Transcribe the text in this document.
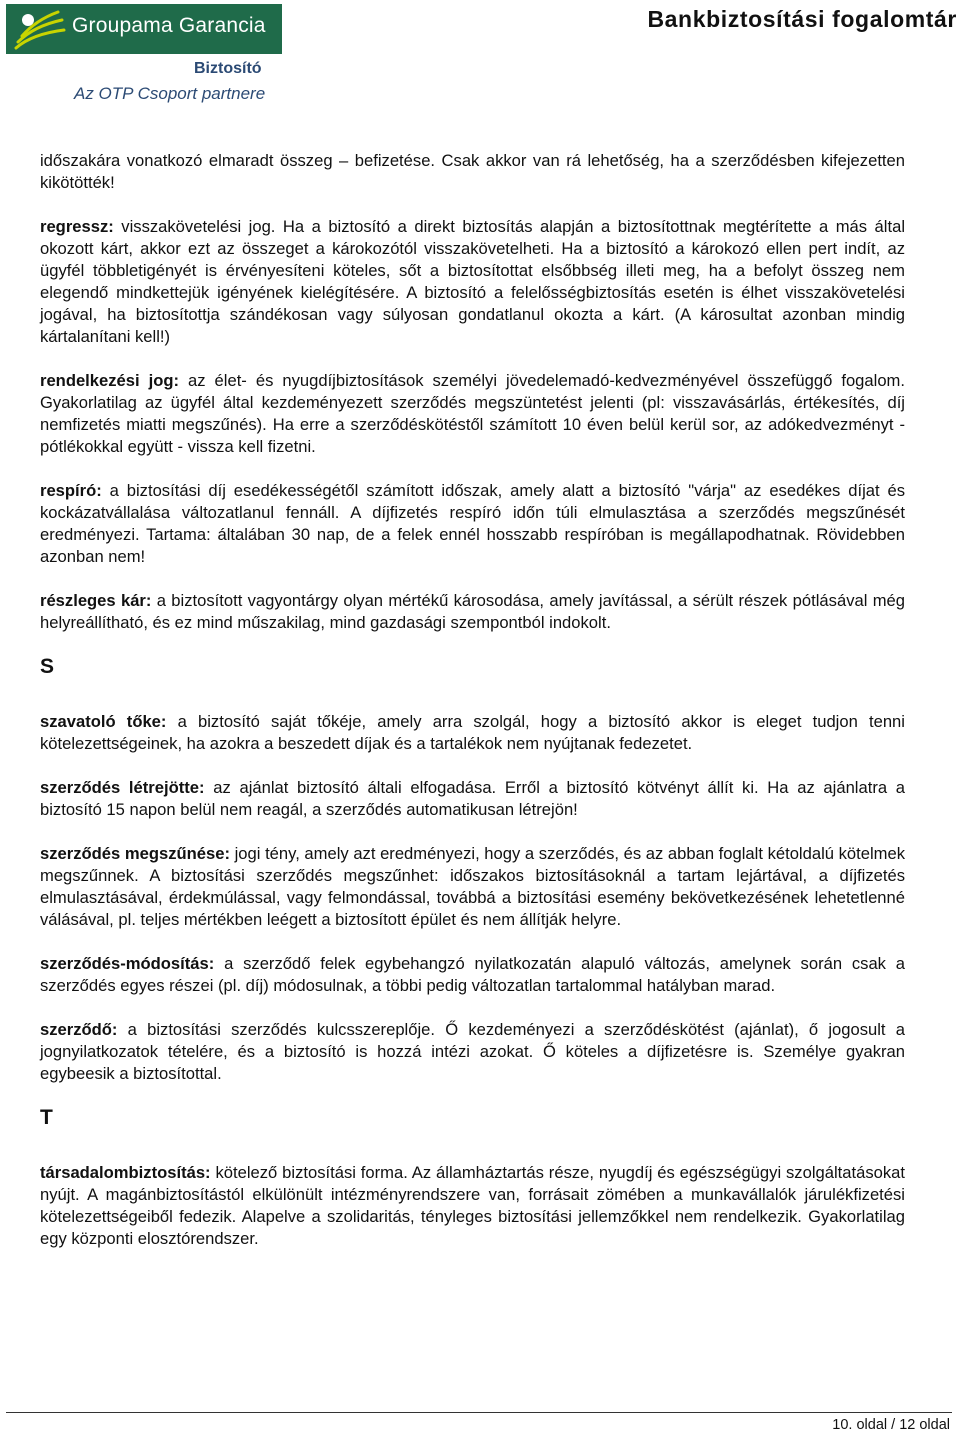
Groupama Garancia
Biztosító
Az OTP Csoport partnere
Bankbiztosítási fogalomtár

időszakára vonatkozó elmaradt összeg – befizetése. Csak akkor van rá lehetőség, ha a szerződésben kifejezetten kikötötték!

regressz: visszakövetelési jog. Ha a biztosító a direkt biztosítás alapján a biztosítottnak megtérítette a más által okozott kárt, akkor ezt az összeget a károkozótól visszakövetelheti. Ha a biztosító a károkozó ellen pert indít, az ügyfél többletigényét is érvényesíteni köteles, sőt a biztosítottat elsőbbség illeti meg, ha a befolyt összeg nem elegendő mindkettejük igényének kielégítésére. A biztosító a felelősségbiztosítás esetén is élhet visszakövetelési jogával, ha biztosítottja szándékosan vagy súlyosan gondatlanul okozta a kárt. (A károsultat azonban mindig kártalanítani kell!)

rendelkezési jog: az élet- és nyugdíjbiztosítások személyi jövedelemadó-kedvezményével összefüggő fogalom. Gyakorlatilag az ügyfél által kezdeményezett szerződés megszüntetést jelenti (pl: visszavásárlás, értékesítés, díj nemfizetés miatti megszűnés). Ha erre a szerződéskötéstől számított 10 éven belül kerül sor, az adókedvezményt - pótlékokkal együtt - vissza kell fizetni.

respíró: a biztosítási díj esedékességétől számított időszak, amely alatt a biztosító "várja" az esedékes díjat és kockázatvállalása változatlanul fennáll. A díjfizetés respíró időn túli elmulasztása a szerződés megszűnését eredményezi. Tartama: általában 30 nap, de a felek ennél hosszabb respíróban is megállapodhatnak. Rövidebben azonban nem!

részleges kár: a biztosított vagyontárgy olyan mértékű károsodása, amely javítással, a sérült részek pótlásával még helyreállítható, és ez mind műszakilag, mind gazdasági szempontból indokolt.

S

szavatoló tőke: a biztosító saját tőkéje, amely arra szolgál, hogy a biztosító akkor is eleget tudjon tenni kötelezettségeinek, ha azokra a beszedett díjak és a tartalékok nem nyújtanak fedezetet.

szerződés létrejötte: az ajánlat biztosító általi elfogadása. Erről a biztosító kötvényt állít ki. Ha az ajánlatra a biztosító 15 napon belül nem reagál, a szerződés automatikusan létrejön!

szerződés megszűnése: jogi tény, amely azt eredményezi, hogy a szerződés, és az abban foglalt kétoldalú kötelmek megszűnnek. A biztosítási szerződés megszűnhet: időszakos biztosításoknál a tartam lejártával, a díjfizetés elmulasztásával, érdekmúlással, vagy felmondással, továbbá a biztosítási esemény bekövetkezésének lehetetlenné válásával, pl. teljes mértékben leégett a biztosított épület és nem állítják helyre.

szerződés-módosítás: a szerződő felek egybehangzó nyilatkozatán alapuló változás, amelynek során csak a szerződés egyes részei (pl. díj) módosulnak, a többi pedig változatlan tartalommal hatályban marad.

szerződő: a biztosítási szerződés kulcsszereplője. Ő kezdeményezi a szerződéskötést (ajánlat), ő jogosult a jognyilatkozatok tételére, és a biztosító is hozzá intézi azokat. Ő köteles a díjfizetésre is. Személye gyakran egybeesik a biztosítottal.

T

társadalombiztosítás: kötelező biztosítási forma. Az államháztartás része, nyugdíj és egészségügyi szolgáltatásokat nyújt. A magánbiztosítástól elkülönült intézményrendszere van, forrásait zömében a munkavállalók járulékfizetési kötelezettségeiből fedezik. Alapelve a szolidaritás, tényleges biztosítási jellemzőkkel nem rendelkezik. Gyakorlatilag egy központi elosztórendszer.

10. oldal / 12 oldal
